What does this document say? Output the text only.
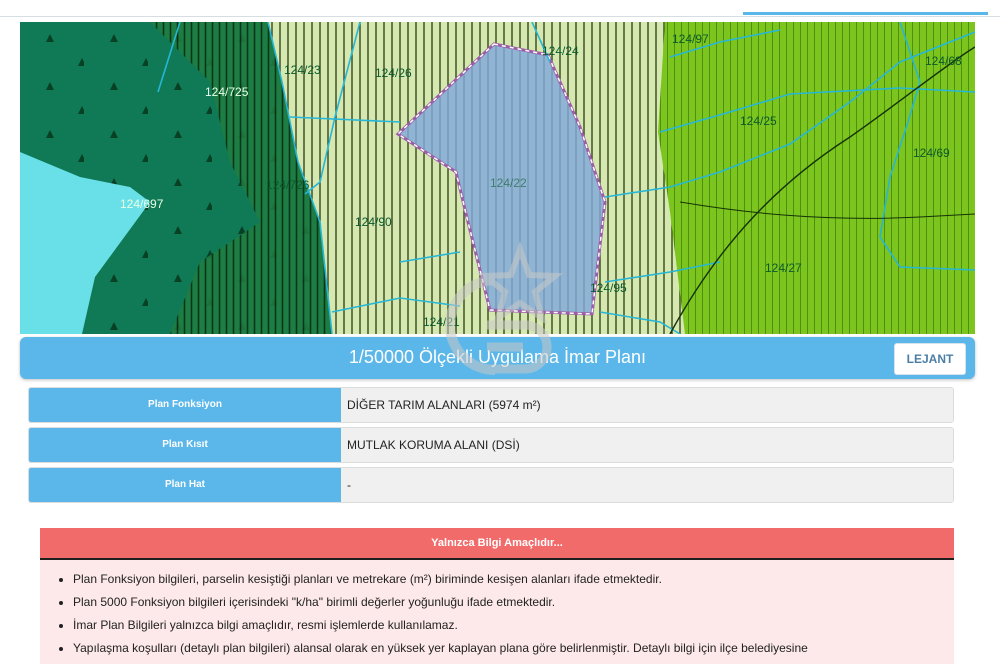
124/725
124/23	124/26
124/24
124/97
124/68
124/25
124/69
124/697
124/726	124/22
124/90
124/27
124/95
124/21
1/50000 Ölçekli Uygulama İmar Planı	LEJANT
Plan Fonksiyon	DİĞER TARIM ALANLARI (5974 m²)
Plan Kısıt	MUTLAK KORUMA ALANI (DSİ)
Plan Hat	-
Yalnızca Bilgi Amaçlıdır...
• Plan Fonksiyon bilgileri, parselin kesiştiği planları ve metrekare (m²) biriminde kesişen alanları ifade etmektedir.
• Plan 5000 Fonksiyon bilgileri içerisindeki "k/ha" birimli değerler yoğunluğu ifade etmektedir.
• İmar Plan Bilgileri yalnızca bilgi amaçlıdır, resmi işlemlerde kullanılamaz.
• Yapılaşma koşulları (detaylı plan bilgileri) alansal olarak en yüksek yer kaplayan plana göre belirlenmiştir. Detaylı bilgi için ilçe belediyesine
